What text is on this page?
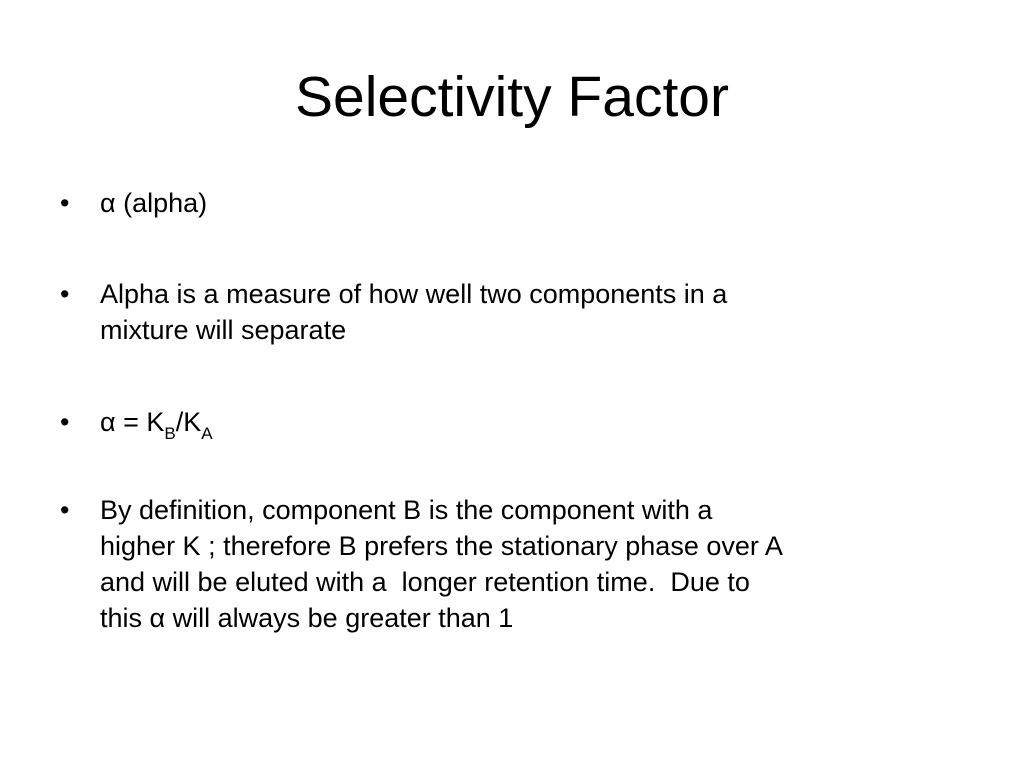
Selectivity Factor
• α (alpha)
• Alpha is a measure of how well two components in a
mixture will separate
• $\alpha = K_B/K_A$
• By definition, component B is the component with a
higher K ; therefore B prefers the stationary phase over A
and will be eluted with a  longer retention time.  Due to
this α will always be greater than 1
